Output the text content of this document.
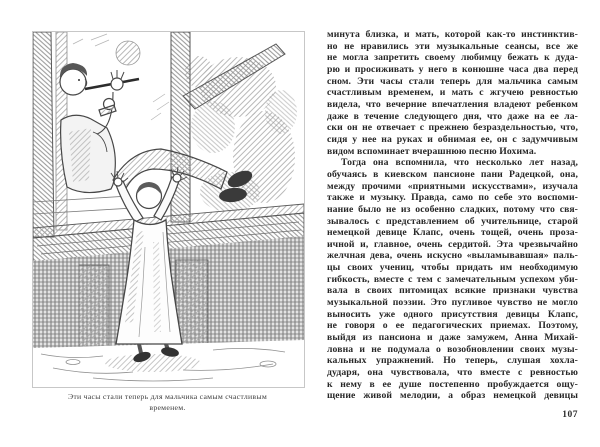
Эти часы стали теперь для мальчика самым счастливым
временем.
минута близка, и мать, которой как-то инстинктив-
но не нравились эти музыкальные сеансы, все же
не могла запретить своему любимцу бежать к дуда-
рю и просиживать у него в конюшне часа два перед
сном. Эти часы стали теперь для мальчика самым
счастливым временем, и мать с жгучею ревностью
видела, что вечерние впечатления владеют ребенком
даже в течение следующего дня, что даже на ее ла-
ски он не отвечает с прежнею безраздельностью, что,
сидя у нее на руках и обнимая ее, он с задумчивым
видом вспоминает вчерашнюю песню Иохима.
Тогда она вспомнила, что несколько лет назад,
обучаясь в киевском пансионе пани Радецкой, она,
между прочими «приятными искусствами», изучала
также и музыку. Правда, само по себе это воспоми-
нание было не из особенно сладких, потому что свя-
зывалось с представлением об учительнице, старой
немецкой девице Клапс, очень тощей, очень проза-
ичной и, главное, очень сердитой. Эта чрезвычайно
желчная дева, очень искусно «выламывавшая» паль-
цы своих учениц, чтобы придать им необходимую
гибкость, вместе с тем с замечательным успехом уби-
вала в своих питомицах всякие признаки чувства
музыкальной поэзии. Это пугливое чувство не могло
выносить уже одного присутствия девицы Клапс,
не говоря о ее педагогических приемах. Поэтому,
выйдя из пансиона и даже замужем, Анна Михай-
ловна и не подумала о возобновлении своих музы-
кальных упражнений. Но теперь, слушая хохла-
дударя, она чувствовала, что вместе с ревностью
к нему в ее душе постепенно пробуждается ощу-
щение живой мелодии, а образ немецкой девицы
107
